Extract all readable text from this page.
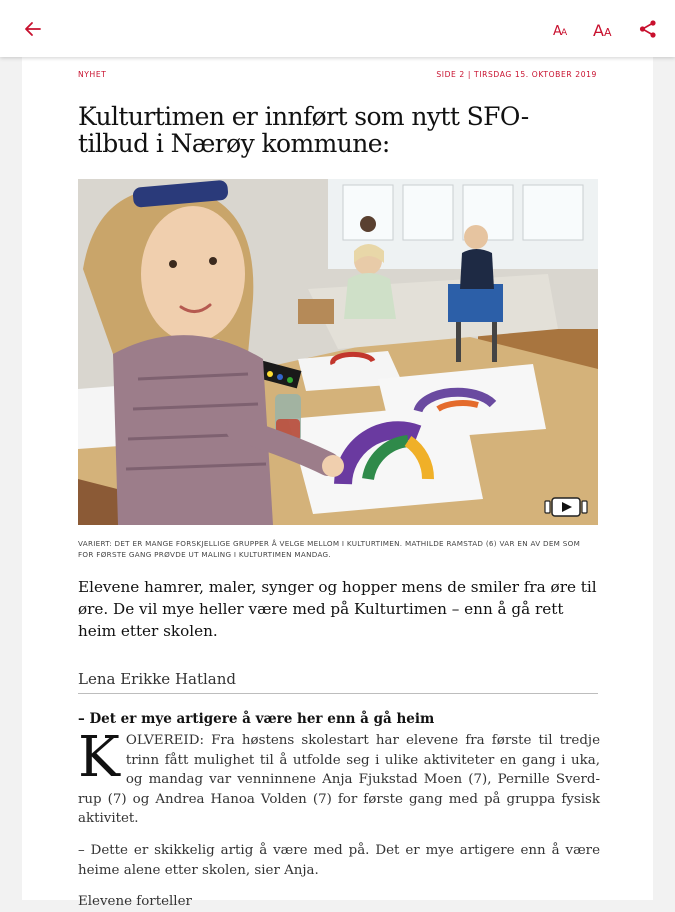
A A A A
NYHET	SIDE 2 | TIRSDAG 15. OKTOBER 2019
Kulturtimen er innført som nytt SFO-tilbud i Nærøy kommune:
VARIERT: DET ER MANGE FORSKJELLIGE GRUPPER Å VELGE MELLOM I KULTURTIMEN. MATHILDE RAMSTAD (6) VAR EN AV DEM SOM FOR FØRSTE GANG PRØVDE UT MALING I KULTURTIMEN MANDAG.

Elevene hamrer, maler, synger og hopper mens de smiler fra øre til øre. De vil mye heller være med på Kulturtimen – enn å gå rett heim etter skolen.

Lena Erikke Hatland
– Det er mye artigere å være her enn å gå heim

KOLVEREID: Fra høstens skolestart har elevene fra første til tredje trinn fått mulighet til å utfolde seg i ulike aktiviteter en gang i uka, og mandag var venninnene Anja Fjukstad Moen (7), Pernille Sverd-rup (7) og Andrea Hanoa Volden (7) for første gang med på gruppa fysisk aktivitet.

– Dette er skikkelig artig å være med på. Det er mye artigere enn å være heime alene etter skolen, sier Anja.

Elevene forteller
